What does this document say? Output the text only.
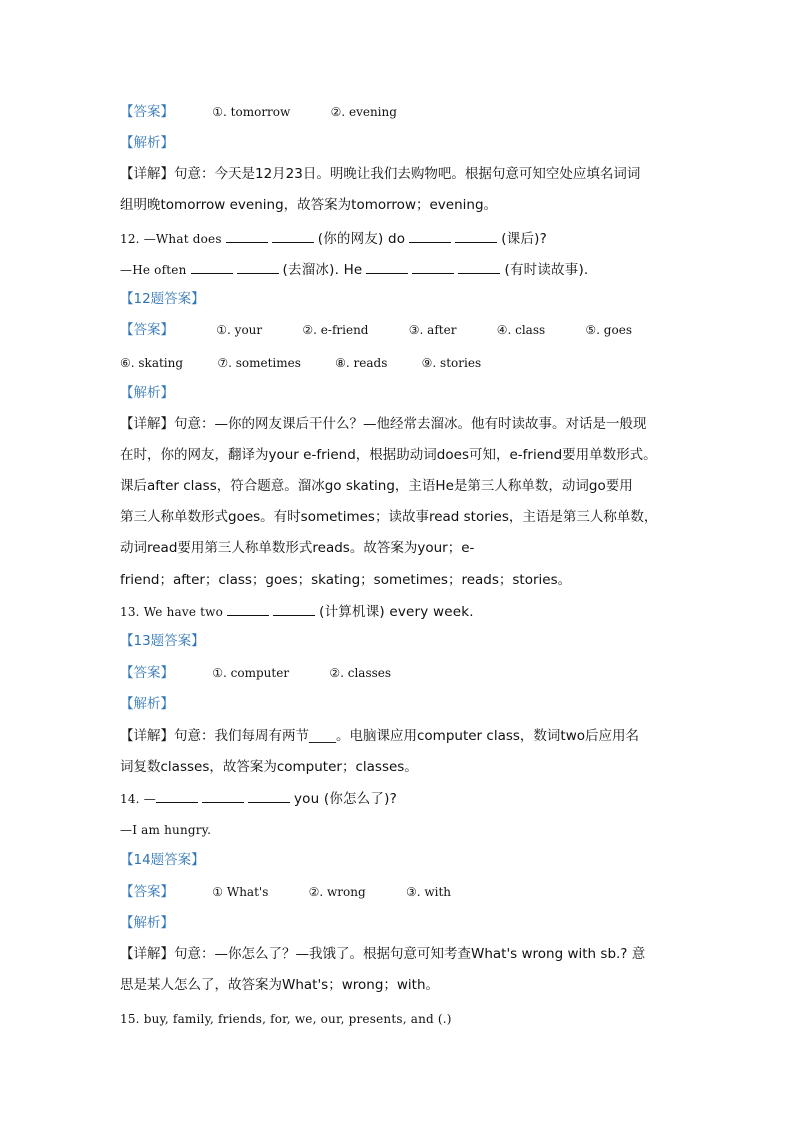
【答案】	①. tomorrow	②. evening
【解析】
【详解】句意：今天是12月23日。明晚让我们去购物吧。根据句意可知空处应填名词词
组明晚tomorrow evening，故答案为tomorrow；evening。
12. —What does	(你的网友) do	(课后)?
—He often	(去溜冰). He	(有时读故事).
【12题答案】
【答案】	①. your	②. e-friend	③. after	④. class	⑤. goes
⑥. skating	⑦. sometimes	⑧. reads	⑨. stories
【解析】
【详解】句意：—你的网友课后干什么？—他经常去溜冰。他有时读故事。对话是一般现
在时，你的网友，翻译为your e-friend，根据助动词does可知，e-friend要用单数形式。
课后after class，符合题意。溜冰go skating，主语He是第三人称单数，动词go要用
第三人称单数形式goes。有时sometimes；读故事read stories，主语是第三人称单数，
动词read要用第三人称单数形式reads。故答案为your；e-
friend；after；class；goes；skating；sometimes；reads；stories。
13. We have two	(计算机课) every week.
【13题答案】
【答案】	①. computer	②. classes
【解析】
【详解】句意：我们每周有两节____。电脑课应用computer class，数词two后应用名
词复数classes，故答案为computer；classes。
14. —	you (你怎么了)?
—I am hungry.
【14题答案】
【答案】	① What's	②. wrong	③. with
【解析】
【详解】句意：—你怎么了？—我饿了。根据句意可知考查What's wrong with sb.? 意
思是某人怎么了，故答案为What's；wrong；with。
15. buy, family, friends, for, we, our, presents, and (.)
